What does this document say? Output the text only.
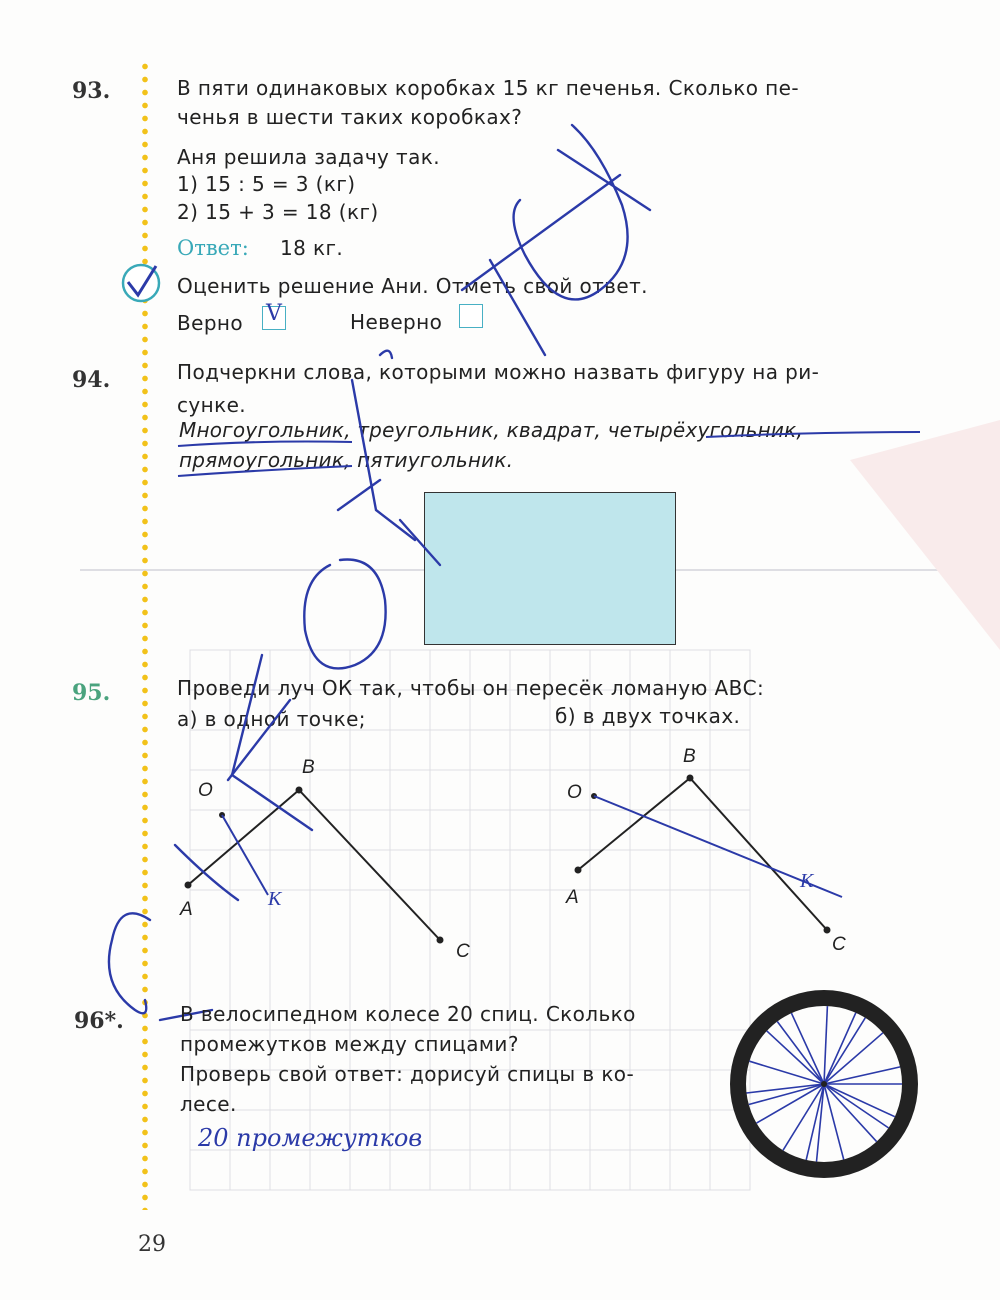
93.	В пяти одинаковых коробках 15 кг печенья. Сколько пе-
ченья в шести таких коробках?
Аня решила задачу так.
1) 15 : 5 = 3 (кг)
2) 15 + 3 = 18 (кг)
Ответ: 18 кг.
Оценить решение Ани. Отметь свой ответ.
Верно V	Неверно
94.	Подчеркни слова, которыми можно назвать фигуру на ри-
сунке.
Многоугольник, треугольник, квадрат, четырёхугольник,
прямоугольник, пятиугольник.
95.	Проведи луч ОК так, чтобы он пересёк ломаную АВС:
а) в одной точке;	б) в двух точках.
O
A
B
C
O
A
B
C
K
K
96*.	В велосипедном колесе 20 спиц. Сколько
промежутков между спицами?
Проверь свой ответ: дорисуй спицы в ко-
лесе.
20 промежутков
29
